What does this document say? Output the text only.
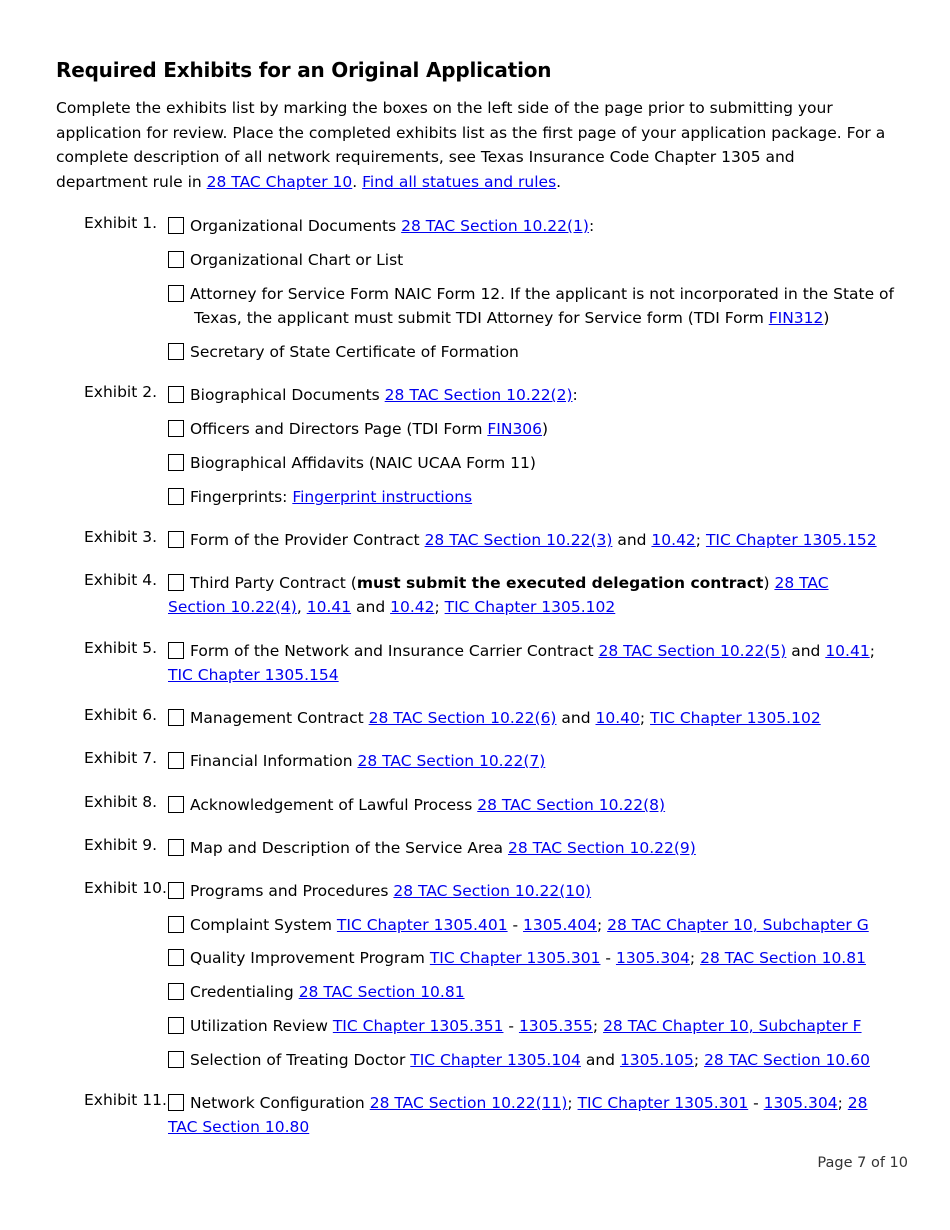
Required Exhibits for an Original Application

Complete the exhibits list by marking the boxes on the left side of the page prior to submitting your application for review. Place the completed exhibits list as the first page of your application package. For a complete description of all network requirements, see Texas Insurance Code Chapter 1305 and department rule in 28 TAC Chapter 10. Find all statues and rules.

Exhibit 1.	Organizational Documents 28 TAC Section 10.22(1):
Organizational Chart or List
Attorney for Service Form NAIC Form 12. If the applicant is not incorporated in the State of Texas, the applicant must submit TDI Attorney for Service form (TDI Form FIN312)
Secretary of State Certificate of Formation
Exhibit 2.	Biographical Documents 28 TAC Section 10.22(2):
Officers and Directors Page (TDI Form FIN306)
Biographical Affidavits (NAIC UCAA Form 11)
Fingerprints: Fingerprint instructions
Exhibit 3.	Form of the Provider Contract 28 TAC Section 10.22(3) and 10.42; TIC Chapter 1305.152
Exhibit 4.	Third Party Contract (must submit the executed delegation contract) 28 TAC Section 10.22(4), 10.41 and 10.42; TIC Chapter 1305.102
Exhibit 5.	Form of the Network and Insurance Carrier Contract 28 TAC Section 10.22(5) and 10.41; TIC Chapter 1305.154
Exhibit 6.	Management Contract 28 TAC Section 10.22(6) and 10.40; TIC Chapter 1305.102
Exhibit 7.	Financial Information 28 TAC Section 10.22(7)
Exhibit 8.	Acknowledgement of Lawful Process 28 TAC Section 10.22(8)
Exhibit 9.	Map and Description of the Service Area 28 TAC Section 10.22(9)
Exhibit 10.	Programs and Procedures 28 TAC Section 10.22(10)
Complaint System TIC Chapter 1305.401 - 1305.404; 28 TAC Chapter 10, Subchapter G
Quality Improvement Program TIC Chapter 1305.301 - 1305.304; 28 TAC Section 10.81
Credentialing 28 TAC Section 10.81
Utilization Review TIC Chapter 1305.351 - 1305.355; 28 TAC Chapter 10, Subchapter F
Selection of Treating Doctor TIC Chapter 1305.104 and 1305.105; 28 TAC Section 10.60
Exhibit 11.	Network Configuration 28 TAC Section 10.22(11); TIC Chapter 1305.301 - 1305.304; 28 TAC Section 10.80
Page 7 of 10
